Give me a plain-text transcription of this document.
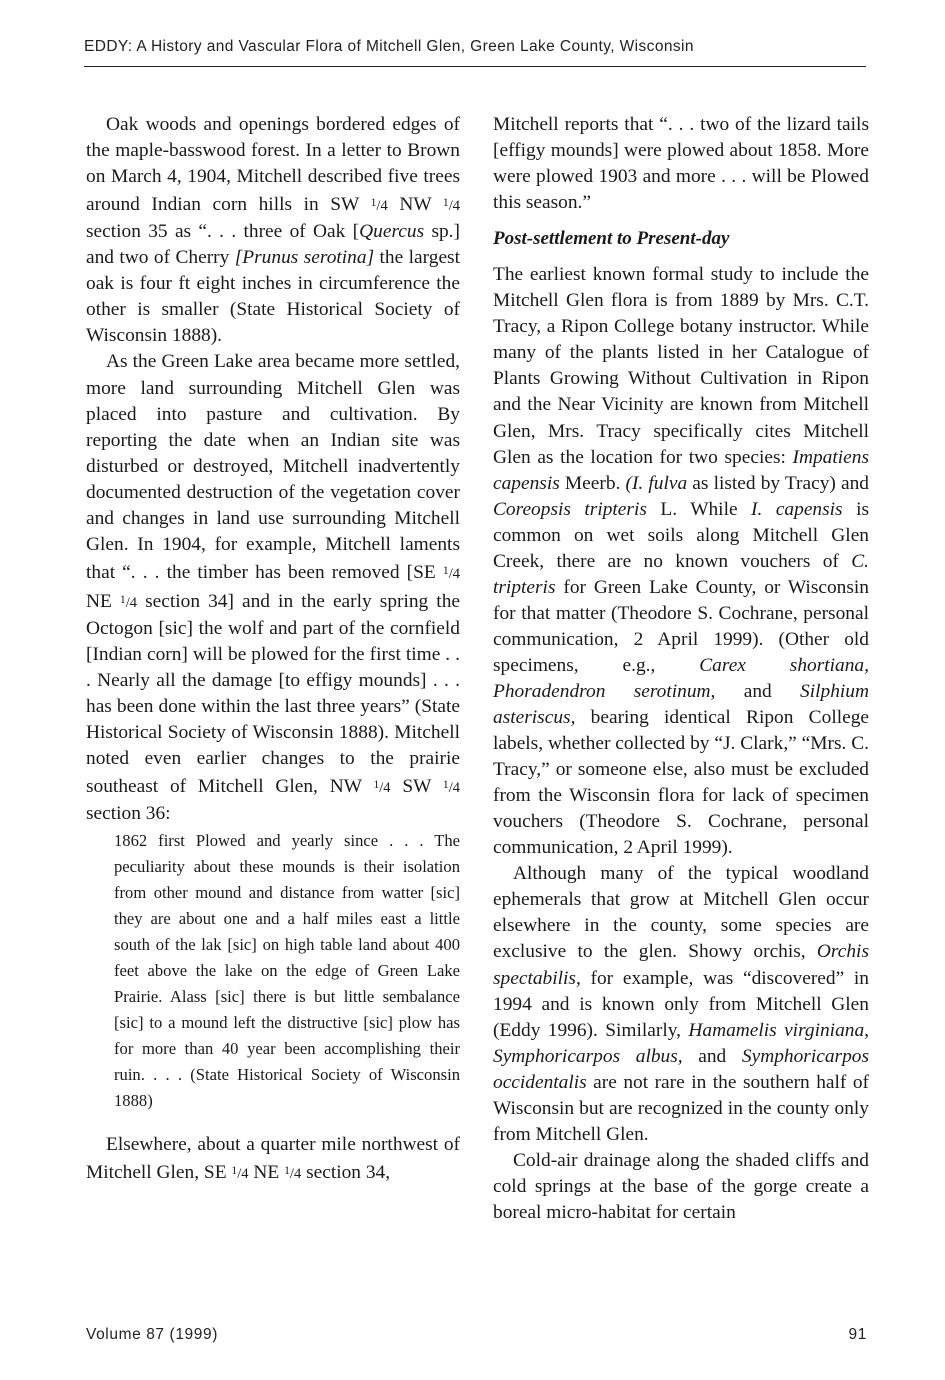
EDDY: A History and Vascular Flora of Mitchell Glen, Green Lake County, Wisconsin

Oak woods and openings bordered edges of the maple-basswood forest. In a letter to Brown on March 4, 1904, Mitchell described five trees around Indian corn hills in SW $^1$/4 NW $^1$/4 section 35 as “. . . three of Oak [Quercus sp.] and two of Cherry [Prunus serotina] the largest oak is four ft eight inches in circumference the other is smaller (State Historical Society of Wisconsin 1888).

As the Green Lake area became more settled, more land surrounding Mitchell Glen was placed into pasture and cultivation. By reporting the date when an Indian site was disturbed or destroyed, Mitchell inadvertently documented destruction of the vegetation cover and changes in land use surrounding Mitchell Glen. In 1904, for example, Mitchell laments that “. . . the timber has been removed [SE $^1$/4 NE $^1$/4 section 34] and in the early spring the Octogon [sic] the wolf and part of the cornfield [Indian corn] will be plowed for the first time . . . Nearly all the damage [to effigy mounds] . . . has been done within the last three years” (State Historical Society of Wisconsin 1888). Mitchell noted even earlier changes to the prairie southeast of Mitchell Glen, NW $^1$/4 SW $^1$/4 section 36:

1862 first Plowed and yearly since . . . The peculiarity about these mounds is their isolation from other mound and distance from watter [sic] they are about one and a half miles east a little south of the lak [sic] on high table land about 400 feet above the lake on the edge of Green Lake Prairie. Alass [sic] there is but little sembalance [sic] to a mound left the distructive [sic] plow has for more than 40 year been accomplishing their ruin. . . . (State Historical Society of Wisconsin 1888)

Elsewhere, about a quarter mile northwest of Mitchell Glen, SE $^1$/4 NE $^1$/4 section 34,

Mitchell reports that “. . . two of the lizard tails [effigy mounds] were plowed about 1858. More were plowed 1903 and more . . . will be Plowed this season.”

Post-settlement to Present-day

The earliest known formal study to include the Mitchell Glen flora is from 1889 by Mrs. C.T. Tracy, a Ripon College botany instructor. While many of the plants listed in her Catalogue of Plants Growing Without Cultivation in Ripon and the Near Vicinity are known from Mitchell Glen, Mrs. Tracy specifically cites Mitchell Glen as the location for two species: Impatiens capensis Meerb. (I. fulva as listed by Tracy) and Coreopsis tripteris L. While I. capensis is common on wet soils along Mitchell Glen Creek, there are no known vouchers of C. tripteris for Green Lake County, or Wisconsin for that matter (Theodore S. Cochrane, personal communication, 2 April 1999). (Other old specimens, e.g., Carex shortiana, Phoradendron serotinum, and Silphium asteriscus, bearing identical Ripon College labels, whether collected by “J. Clark,” “Mrs. C. Tracy,” or someone else, also must be excluded from the Wisconsin flora for lack of specimen vouchers (Theodore S. Cochrane, personal communication, 2 April 1999).

Although many of the typical woodland ephemerals that grow at Mitchell Glen occur elsewhere in the county, some species are exclusive to the glen. Showy orchis, Orchis spectabilis, for example, was “discovered” in 1994 and is known only from Mitchell Glen (Eddy 1996). Similarly, Hamamelis virginiana, Symphoricarpos albus, and Symphoricarpos occidentalis are not rare in the southern half of Wisconsin but are recognized in the county only from Mitchell Glen.

Cold-air drainage along the shaded cliffs and cold springs at the base of the gorge create a boreal micro-habitat for certain

Volume 87 (1999)	91
